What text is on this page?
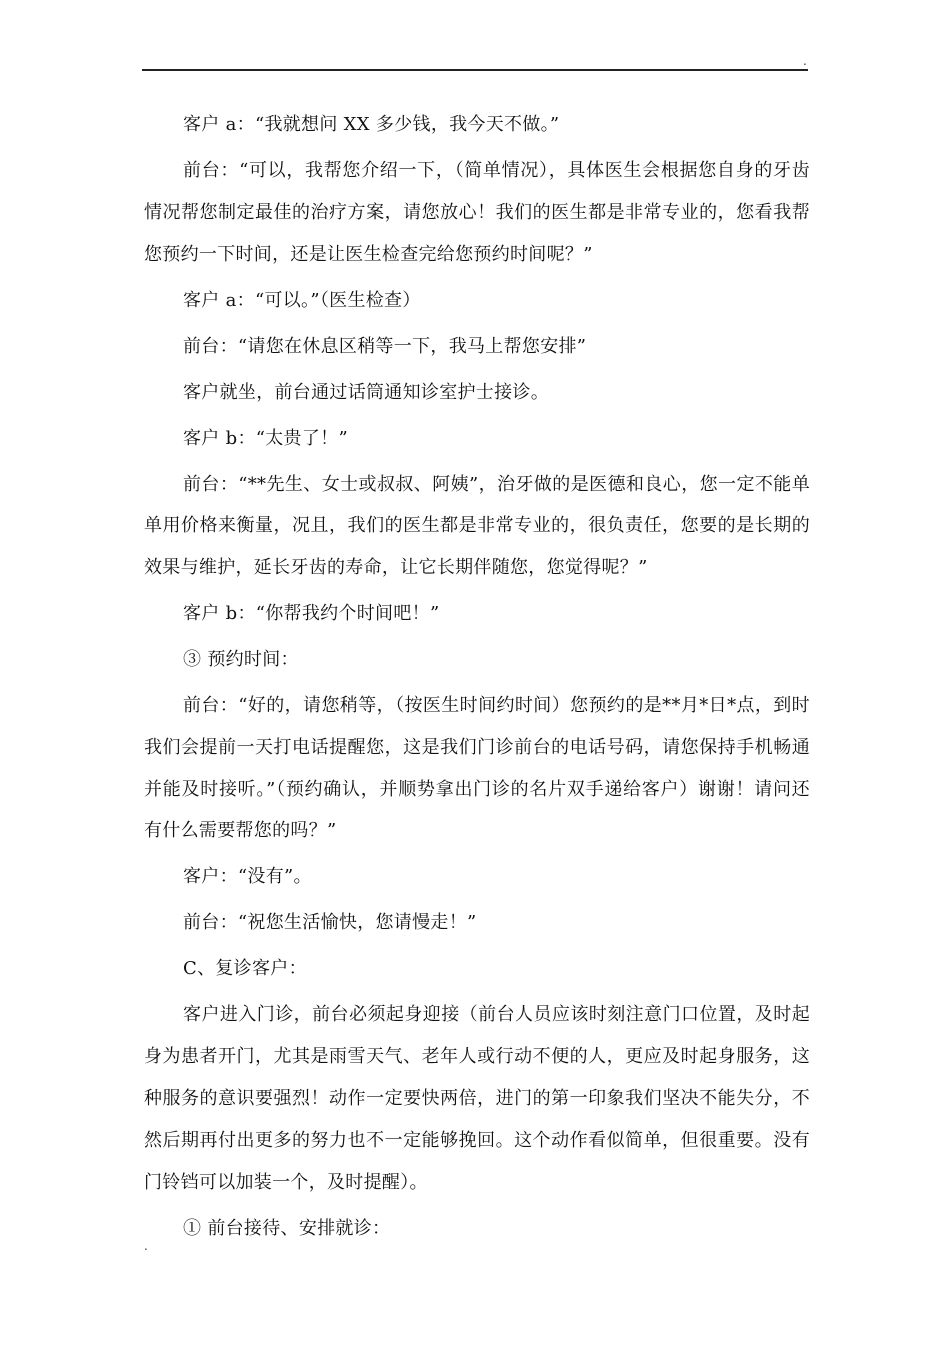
.

客户 a：“我就想问 XX 多少钱，我今天不做。”

前台：“可以，我帮您介绍一下，（简单情况），具体医生会根据您自身的牙齿情况帮您制定最佳的治疗方案，请您放心！我们的医生都是非常专业的，您看我帮您预约一下时间，还是让医生检查完给您预约时间呢？”

客户 a：“可以。”（医生检查）

前台：“请您在休息区稍等一下，我马上帮您安排”

客户就坐，前台通过话筒通知诊室护士接诊。

客户 b：“太贵了！”

前台：“**先生、女士或叔叔、阿姨”，治牙做的是医德和良心，您一定不能单单用价格来衡量，况且，我们的医生都是非常专业的，很负责任，您要的是长期的效果与维护，延长牙齿的寿命，让它长期伴随您，您觉得呢？”

客户 b：“你帮我约个时间吧！”

③ 预约时间：

前台：“好的，请您稍等，（按医生时间约时间）您预约的是**月*日*点，到时我们会提前一天打电话提醒您，这是我们门诊前台的电话号码，请您保持手机畅通并能及时接听。”（预约确认，并顺势拿出门诊的名片双手递给客户）谢谢！请问还有什么需要帮您的吗？”

客户：“没有”。

前台：“祝您生活愉快，您请慢走！”

C、复诊客户：

客户进入门诊，前台必须起身迎接（前台人员应该时刻注意门口位置，及时起身为患者开门，尤其是雨雪天气、老年人或行动不便的人，更应及时起身服务，这种服务的意识要强烈！动作一定要快两倍，进门的第一印象我们坚决不能失分，不然后期再付出更多的努力也不一定能够挽回。这个动作看似简单，但很重要。没有门铃铛可以加装一个，及时提醒）。

① 前台接待、安排就诊：

.
